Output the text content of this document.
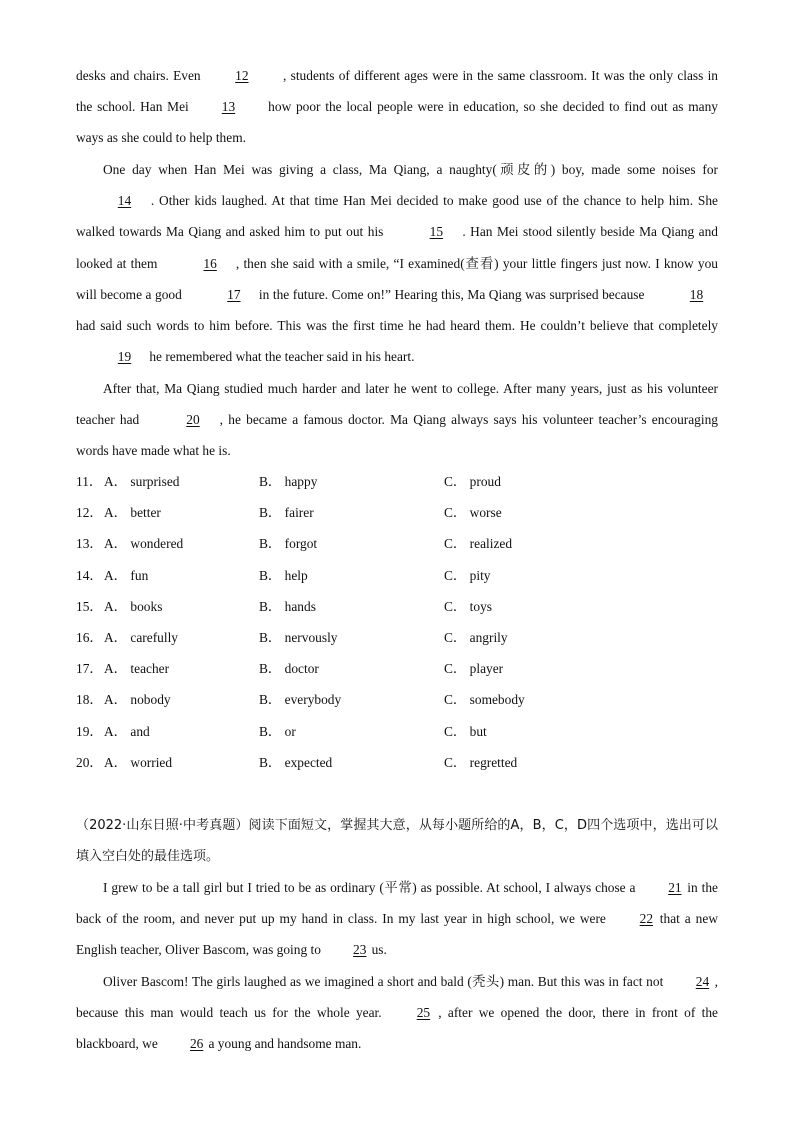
desks and chairs. Even 12 , students of different ages were in the same classroom. It was the only class in the school. Han Mei 13 how poor the local people were in education, so she decided to find out as many ways as she could to help them.

One day when Han Mei was giving a class, Ma Qiang, a naughty(顽皮的) boy, made some noises for 14 . Other kids laughed. At that time Han Mei decided to make good use of the chance to help him. She walked towards Ma Qiang and asked him to put out his	15 . Han Mei stood silently beside Ma Qiang and looked at them	16 , then she said with a smile, “I examined(查看) your little fingers just now. I know you will become a good	17 in the future. Come on!” Hearing this, Ma Qiang was surprised because	18 had said such words to him before. This was the first time he had heard them. He couldn’t believe that completely 19 he remembered what the teacher said in his heart.

After that, Ma Qiang studied much harder and later he went to college. After many years, just as his volunteer teacher had	20 , he became a famous doctor. Ma Qiang always says his volunteer teacher’s encouraging words have made what he is.

11． A． surprised	B． happy	C． proud
12． A． better	B． fairer	C． worse
13． A． wondered	B． forgot	C． realized
14． A． fun	B． help	C． pity
15． A． books	B． hands	C． toys
16． A． carefully	B． nervously	C． angrily
17． A． teacher	B． doctor	C． player
18． A． nobody	B． everybody	C． somebody
19． A． and	B． or	C． but
20． A． worried	B． expected	C． regretted

（2022·山东日照·中考真题）阅读下面短文，掌握其大意，从每小题所给的A，B，C，D四个选项中，选出可以填入空白处的最佳选项。

I grew to be a tall girl but I tried to be as ordinary (平常) as possible. At school, I always chose a 21 in the back of the room, and never put up my hand in class. In my last year in high school, we were 22 that a new English teacher, Oliver Bascom, was going to 23 us.

Oliver Bascom! The girls laughed as we imagined a short and bald (秃头) man. But this was in fact not 24 , because this man would teach us for the whole year. 25 , after we opened the door, there in front of the blackboard, we 26 a young and handsome man.
